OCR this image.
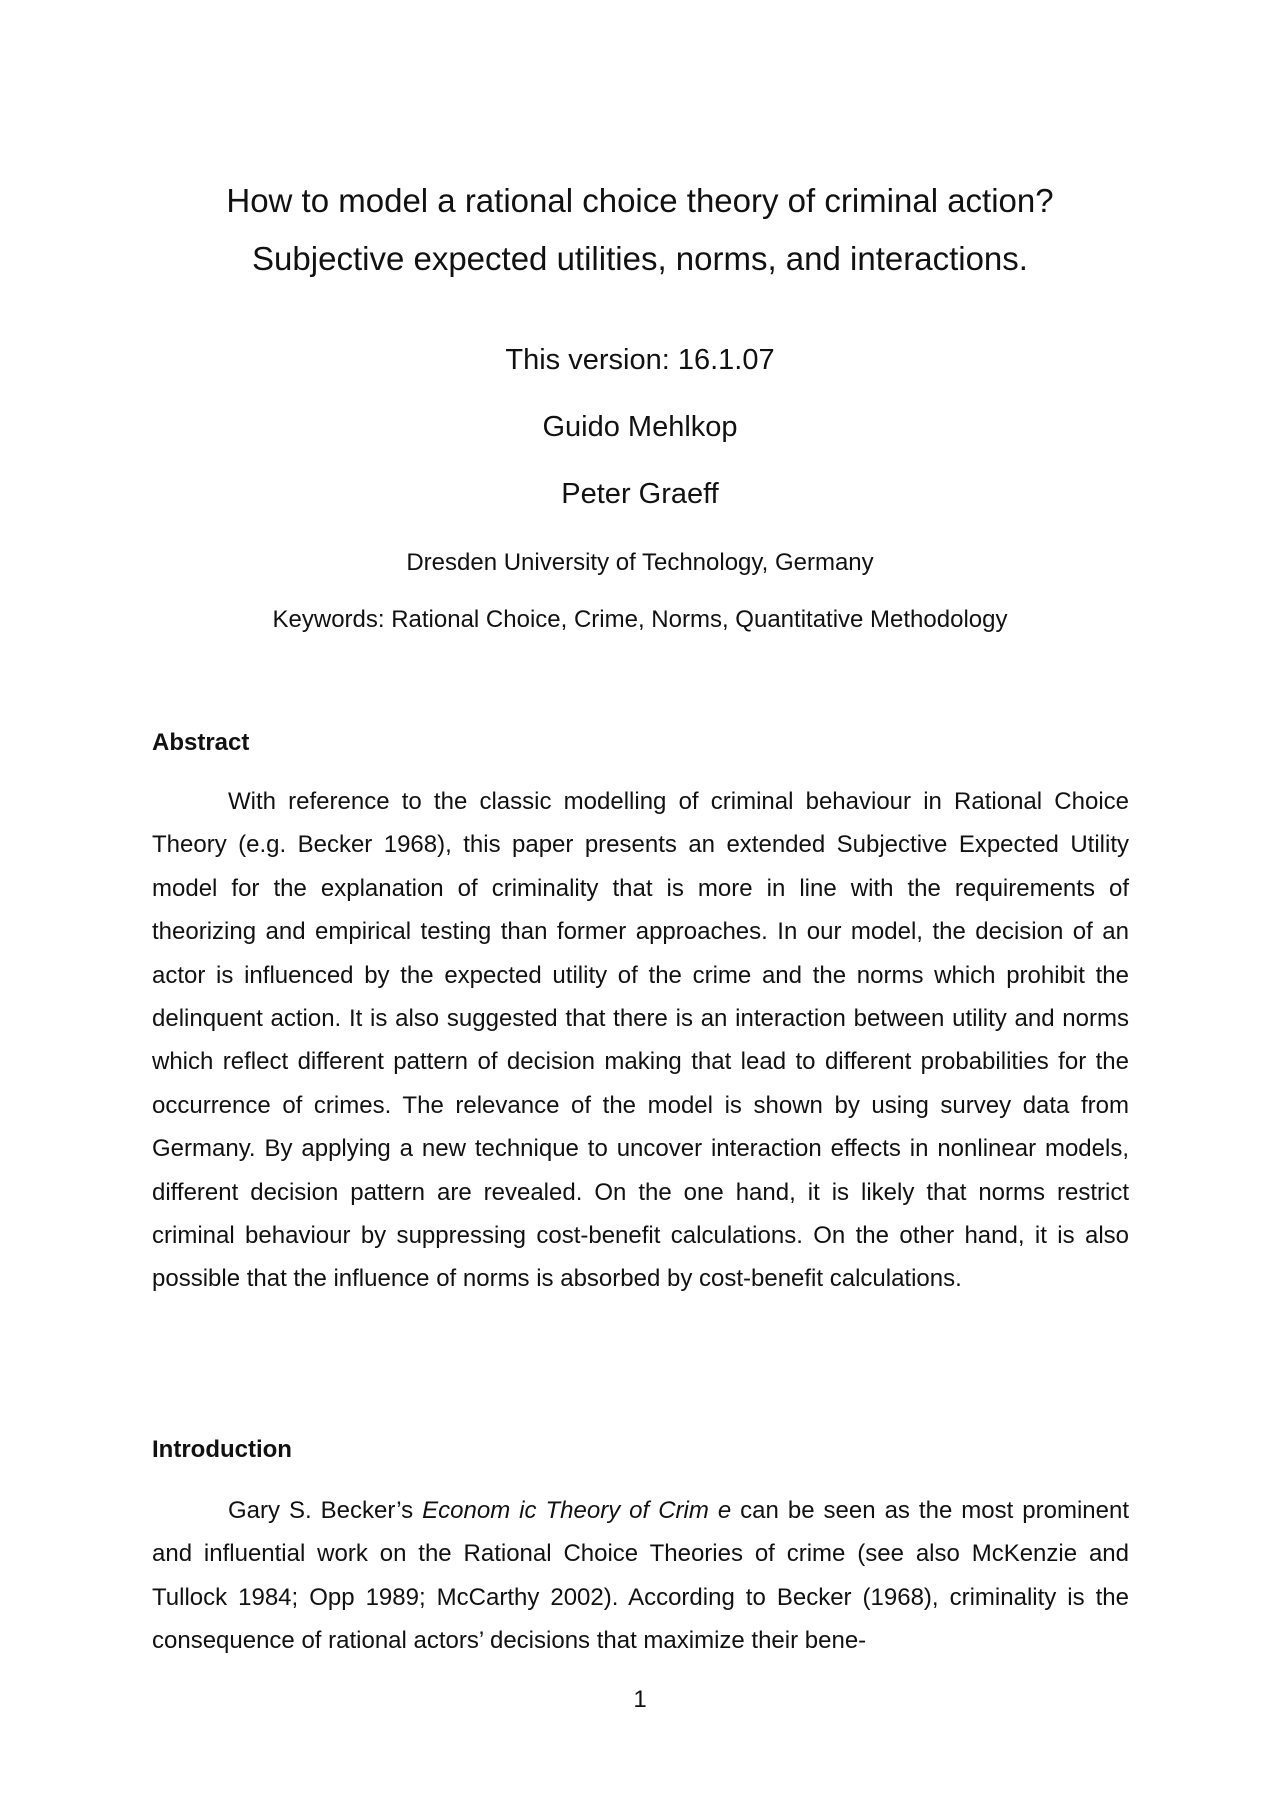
How to model a rational choice theory of criminal action?
Subjective expected utilities, norms, and interactions.

This version: 16.1.07

Guido Mehlkop

Peter Graeff

Dresden University of Technology, Germany

Keywords: Rational Choice, Crime, Norms, Quantitative Methodology

Abstract

With reference to the classic modelling of criminal behaviour in Rational Choice Theory (e.g. Becker 1968), this paper presents an extended Subjective Expected Utility model for the explanation of criminality that is more in line with the requirements of theorizing and empirical testing than former approaches. In our model, the decision of an actor is influenced by the expected utility of the crime and the norms which prohibit the delinquent action. It is also suggested that there is an interaction between utility and norms which reflect different pattern of decision making that lead to different probabilities for the occurrence of crimes. The relevance of the model is shown by using survey data from Germany. By applying a new technique to uncover interaction effects in nonlinear models, different decision pattern are revealed. On the one hand, it is likely that norms restrict criminal behaviour by suppressing cost-benefit calculations. On the other hand, it is also possible that the influence of norms is absorbed by cost-benefit calculations.

Introduction

Gary S. Becker’s Econom ic Theory of Crim e can be seen as the most prominent and influential work on the Rational Choice Theories of crime (see also McKenzie and Tullock 1984; Opp 1989; McCarthy 2002). According to Becker (1968), criminality is the consequence of rational actors’ decisions that maximize their bene-

1
